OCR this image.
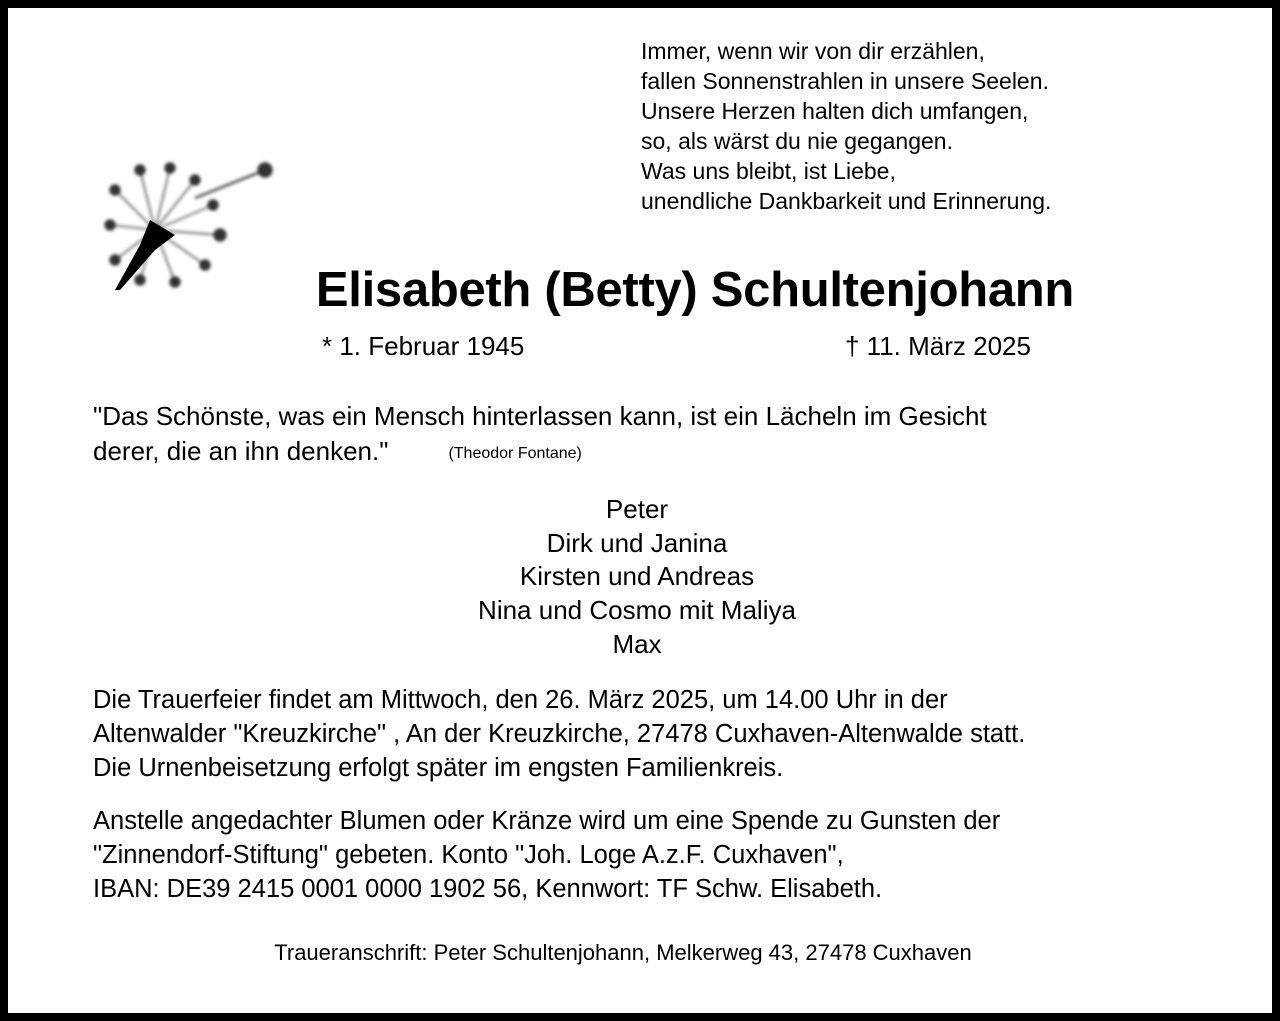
Immer, wenn wir von dir erzählen,
fallen Sonnenstrahlen in unsere Seelen.
Unsere Herzen halten dich umfangen,
so, als wärst du nie gegangen.
Was uns bleibt, ist Liebe,
unendliche Dankbarkeit und Erinnerung.
Elisabeth (Betty) Schultenjohann
* 1. Februar 1945	† 11. März 2025
"Das Schönste, was ein Mensch hinterlassen kann, ist ein Lächeln im Gesicht
derer, die an ihn denken."	(Theodor Fontane)
Peter
Dirk und Janina
Kirsten und Andreas
Nina und Cosmo mit Maliya
Max
Die Trauerfeier findet am Mittwoch, den 26. März 2025, um 14.00 Uhr in der
Altenwalder "Kreuzkirche" , An der Kreuzkirche, 27478 Cuxhaven-Altenwalde statt.
Die Urnenbeisetzung erfolgt später im engsten Familienkreis.
Anstelle angedachter Blumen oder Kränze wird um eine Spende zu Gunsten der
"Zinnendorf-Stiftung" gebeten. Konto "Joh. Loge A.z.F. Cuxhaven",
IBAN: DE39 2415 0001 0000 1902 56, Kennwort: TF Schw. Elisabeth.
Traueranschrift: Peter Schultenjohann, Melkerweg 43, 27478 Cuxhaven
